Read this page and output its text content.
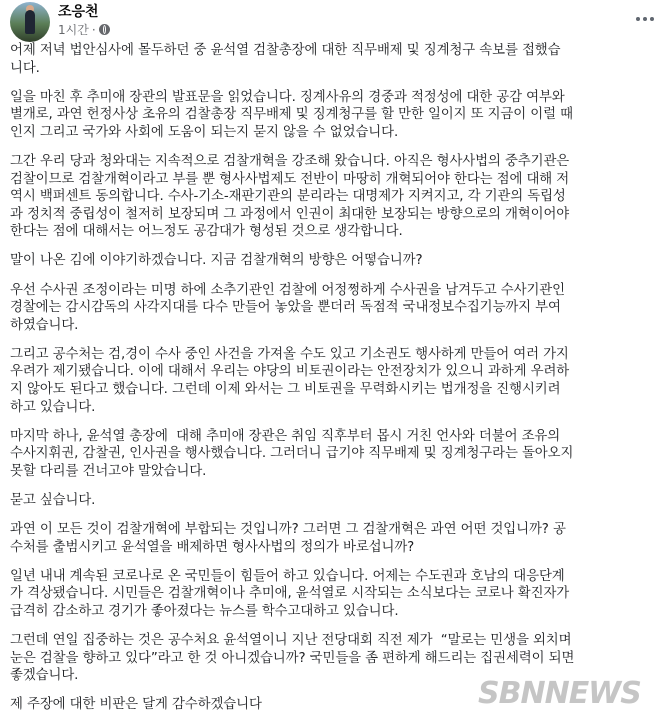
조응천
1시간 ·

어제 저녁 법안심사에 몰두하던 중 윤석열 검찰총장에 대한 직무배제 및 징계청구 속보를 접했습
니다.

일을 마친 후 추미애 장관의 발표문을 읽었습니다. 징계사유의 경중과 적정성에 대한 공감 여부와
별개로, 과연 헌정사상 초유의 검찰총장 직무배제 및 징계청구를 할 만한 일이지 또 지금이 이럴 때
인지 그리고 국가와 사회에 도움이 되는지 묻지 않을 수 없었습니다.

그간 우리 당과 청와대는 지속적으로 검찰개혁을 강조해 왔습니다. 아직은 형사사법의 중추기관은
검찰이므로 검찰개혁이라고 부를 뿐 형사사법제도 전반이 마땅히 개혁되어야 한다는 점에 대해 저
역시 백퍼센트 동의합니다. 수사-기소-재판기관의 분리라는 대명제가 지켜지고, 각 기관의 독립성
과 정치적 중립성이 철저히 보장되며 그 과정에서 인권이 최대한 보장되는 방향으로의 개혁이어야
한다는 점에 대해서는 어느정도 공감대가 형성된 것으로 생각합니다.

말이 나온 김에 이야기하겠습니다. 지금 검찰개혁의 방향은 어떻습니까?

우선 수사권 조정이라는 미명 하에 소추기관인 검찰에 어정쩡하게 수사권을 남겨두고 수사기관인
경찰에는 감시감독의 사각지대를 다수 만들어 놓았을 뿐더러 독점적 국내정보수집기능까지 부여
하였습니다.

그리고 공수처는 검,경이 수사 중인 사건을 가져올 수도 있고 기소권도 행사하게 만들어 여러 가지
우려가 제기됐습니다. 이에 대해서 우리는 야당의 비토권이라는 안전장치가 있으니 과하게 우려하
지 않아도 된다고 했습니다. 그런데 이제 와서는 그 비토권을 무력화시키는 법개정을 진행시키려
하고 있습니다.

마지막 하나, 윤석열 총장에  대해 추미애 장관은 취임 직후부터 몹시 거친 언사와 더불어 조유의
수사지휘권, 감찰권, 인사권을 행사했습니다. 그러더니 급기야 직무배제 및 징계청구라는 돌아오지
못할 다리를 건너고야 말았습니다.

묻고 싶습니다.

과연 이 모든 것이 검찰개혁에 부합되는 것입니까? 그러면 그 검찰개혁은 과연 어떤 것입니까? 공
수처를 출범시키고 윤석열을 배제하면 형사사법의 정의가 바로섭니까?

일년 내내 계속된 코로나로 온 국민들이 힘들어 하고 있습니다. 어제는 수도권과 호남의 대응단계
가 격상됐습니다. 시민들은 검찰개혁이나 추미애, 윤석열로 시작되는 소식보다는 코로나 확진자가
급격히 감소하고 경기가 좋아졌다는 뉴스를 학수고대하고 있습니다.

그런데 연일 집중하는 것은 공수처요 윤석열이니 지난 전당대회 직전 제가  “말로는 민생을 외치며
눈은 검찰을 향하고 있다”라고 한 것 아니겠습니까? 국민들을 좀 편하게 해드리는 집권세력이 되면
좋겠습니다.

제 주장에 대한 비판은 달게 감수하겠습니다	SBNNEWS
